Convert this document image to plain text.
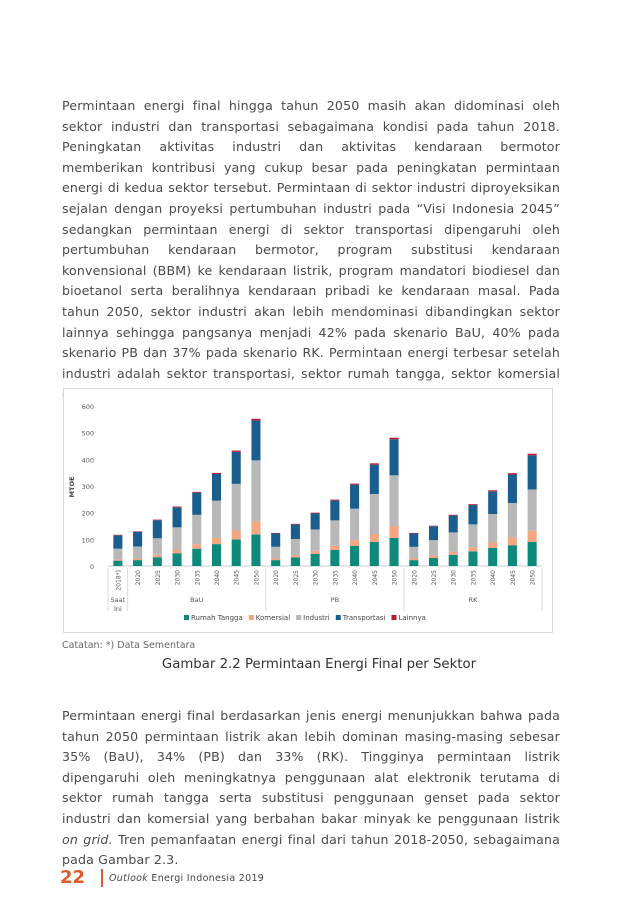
Permintaan energi final hingga tahun 2050 masih akan didominasi oleh sektor industri dan transportasi sebagaimana kondisi pada tahun 2018. Peningkatan aktivitas industri dan aktivitas kendaraan bermotor memberikan kontribusi yang cukup besar pada peningkatan permintaan energi di kedua sektor tersebut. Permintaan di sektor industri diproyeksikan sejalan dengan proyeksi pertumbuhan industri pada “Visi Indonesia 2045” sedangkan permintaan energi di sektor transportasi dipengaruhi oleh pertumbuhan kendaraan bermotor, program substitusi kendaraan konvensional (BBM) ke kendaraan listrik, program mandatori biodiesel dan bioetanol serta beralihnya kendaraan pribadi ke kendaraan masal. Pada tahun 2050, sektor industri akan lebih mendominasi dibandingkan sektor lainnya sehingga pangsanya menjadi 42% pada skenario BaU, 40% pada skenario PB dan 37% pada skenario RK. Permintaan energi terbesar setelah industri adalah sektor transportasi, sektor rumah tangga, sektor komersial
0
100
200
300
400
500
600
MTOE
2018*) 2020 2025 2030 2035 2040 2045 2050 2020 2025 2030 2035 2040 2045 2050 2020 2025 2030 2035 2040 2045 2050
Saat
Ini
BaU	PB	RK
Rumah Tangga Komersial Industri Transportasi Lainnya
Catatan: *) Data Sementara
Gambar 2.2 Permintaan Energi Final per Sektor
Permintaan energi final berdasarkan jenis energi menunjukkan bahwa pada tahun 2050 permintaan listrik akan lebih dominan masing-masing sebesar 35% (BaU), 34% (PB) dan 33% (RK). Tingginya permintaan listrik dipengaruhi oleh meningkatnya penggunaan alat elektronik terutama di sektor rumah tangga serta substitusi penggunaan genset pada sektor industri dan komersial yang berbahan bakar minyak ke penggunaan listrik on grid. Tren pemanfaatan energi final dari tahun 2018-2050, sebagaimana pada Gambar 2.3.
22	Outlook Energi Indonesia 2019
